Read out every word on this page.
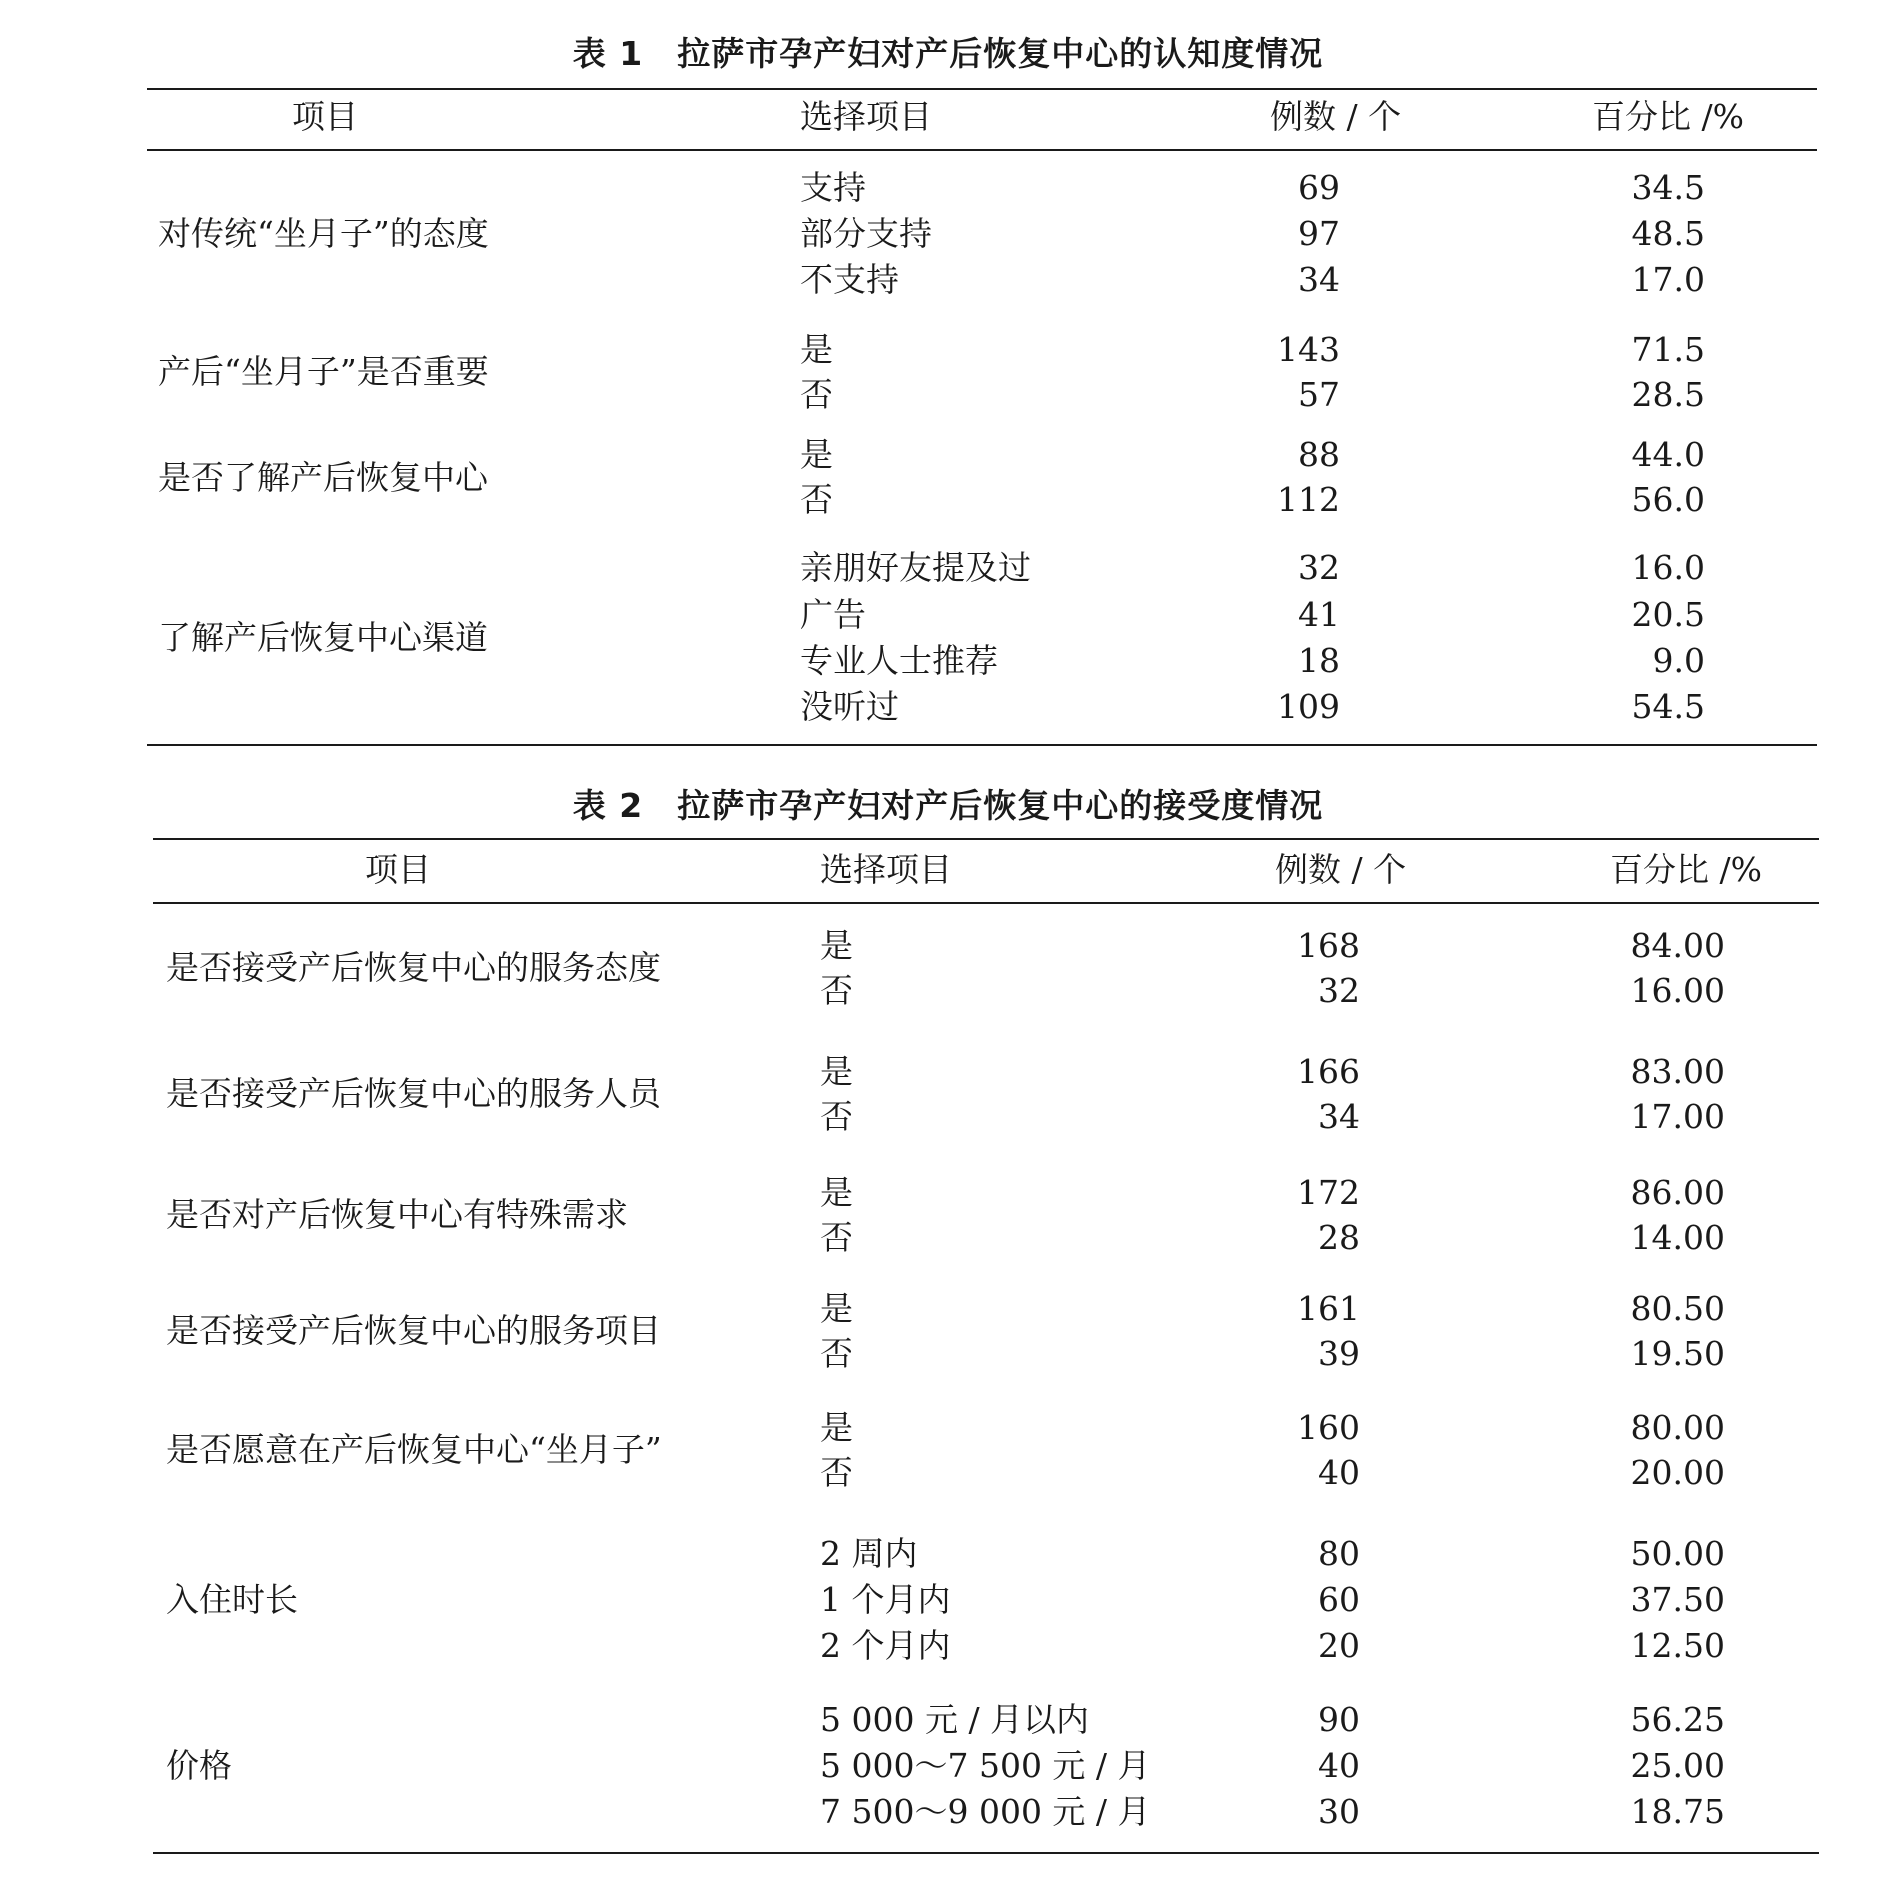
表 1　拉萨市孕产妇对产后恢复中心的认知度情况
项目	选择项目	例数 / 个	百分比 /%
对传统“坐月子”的态度
支持	69	34.5
部分支持	97	48.5
不支持	34	17.0
产后“坐月子”是否重要
是	143	71.5
否	57	28.5
是否了解产后恢复中心
是	88	44.0
否	112	56.0
了解产后恢复中心渠道
亲朋好友提及过	32	16.0
广告	41	20.5
专业人士推荐	18	9.0
没听过	109	54.5
表 2　拉萨市孕产妇对产后恢复中心的接受度情况
项目	选择项目	例数 / 个	百分比 /%
是否接受产后恢复中心的服务态度
是	168	84.00
否	32	16.00
是否接受产后恢复中心的服务人员
是	166	83.00
否	34	17.00
是否对产后恢复中心有特殊需求
是	172	86.00
否	28	14.00
是否接受产后恢复中心的服务项目
是	161	80.50
否	39	19.50
是否愿意在产后恢复中心“坐月子”
是	160	80.00
否	40	20.00
入住时长
2 周内	80	50.00
1 个月内	60	37.50
2 个月内	20	12.50
价格
5 000 元 / 月以内	90	56.25
5 000～7 500 元 / 月	40	25.00
7 500～9 000 元 / 月	30	18.75
